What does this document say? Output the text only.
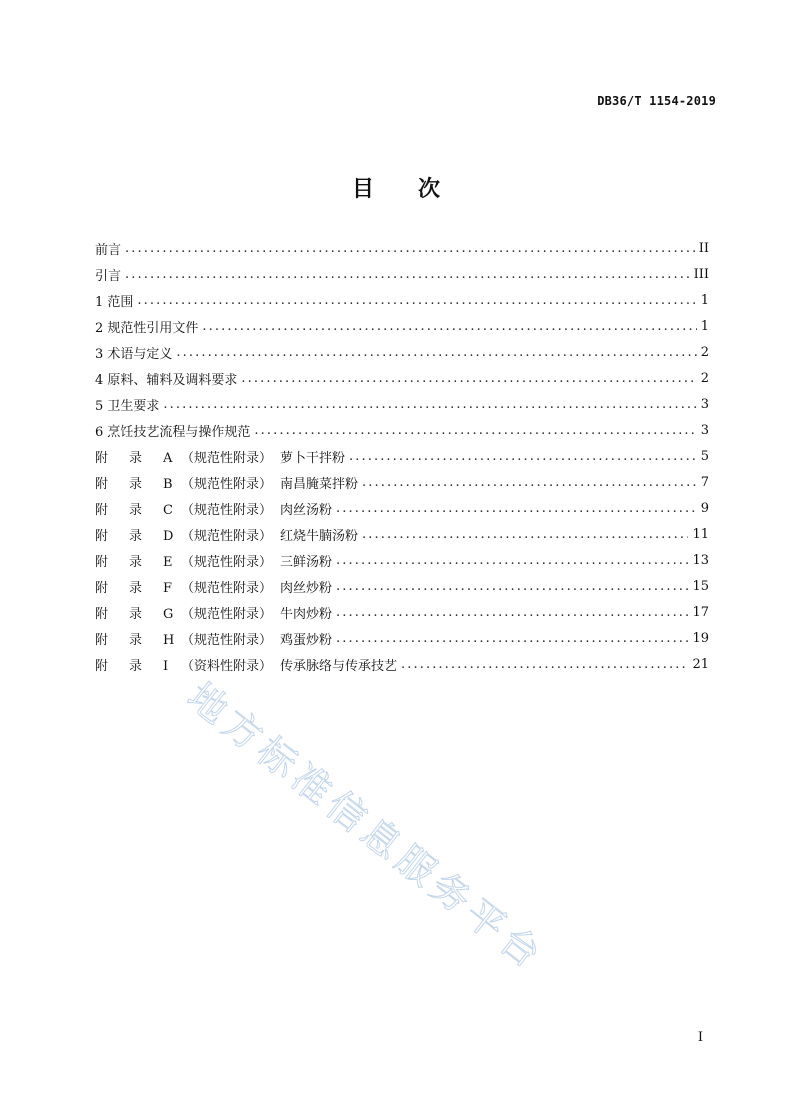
DB36/T 1154-2019
目 次
前言 .....	II
引言 .....	III
1 范围 .....	1
2 规范性引用文件 .....	1
3 术语与定义 .....	2
4 原料、辅料及调料要求 .....	2
5 卫生要求 .....	3
6 烹饪技艺流程与操作规范 .....	3
附 录 A （规范性附录） 萝卜干拌粉 .....	5
附 录 B （规范性附录） 南昌腌菜拌粉 .....	7
附 录 C （规范性附录） 肉丝汤粉 .....	9
附 录 D （规范性附录） 红烧牛腩汤粉 .....	11
附 录 E （规范性附录） 三鲜汤粉 .....	13
附 录 F （规范性附录） 肉丝炒粉 .....	15
附 录 G （规范性附录） 牛肉炒粉 .....	17
附 录 H （规范性附录） 鸡蛋炒粉 .....	19
附 录 I （资料性附录） 传承脉络与传承技艺 .....	21
地方标准信息服务平台
I
